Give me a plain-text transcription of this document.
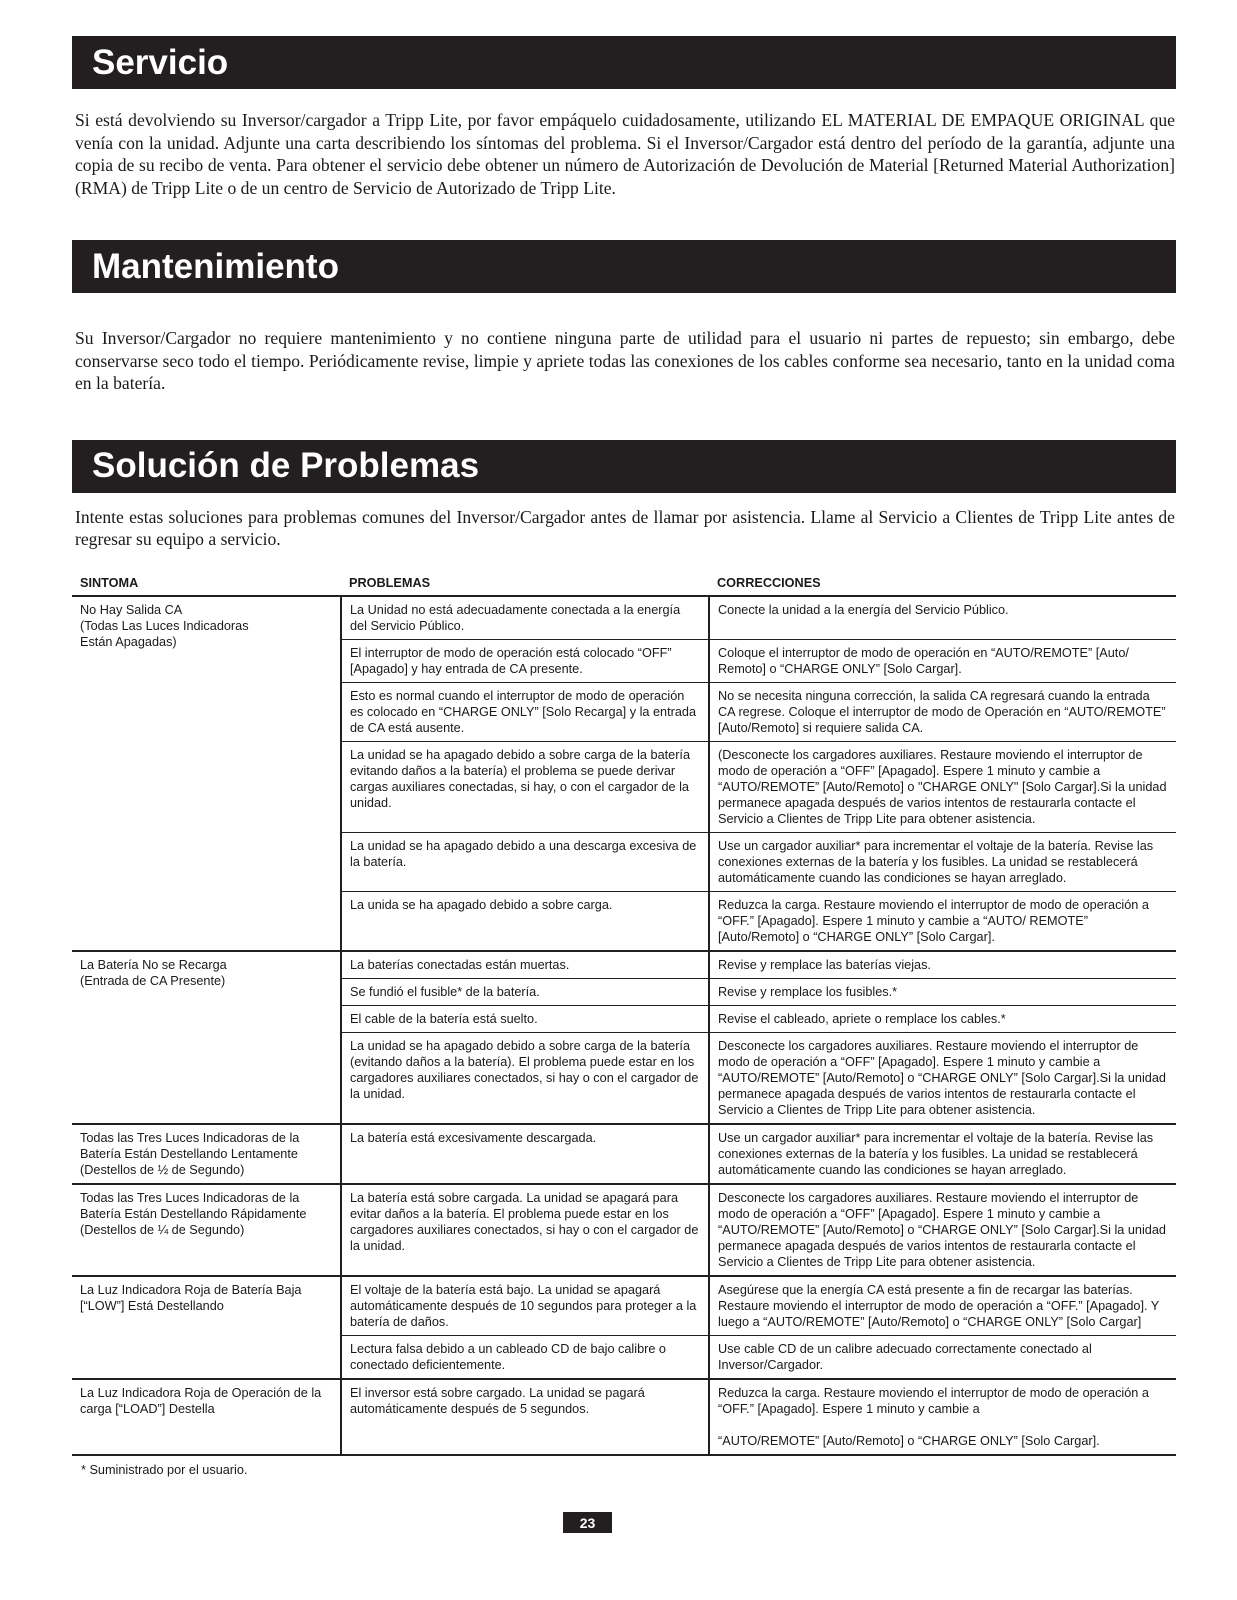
Servicio

Si está devolviendo su Inversor/cargador a Tripp Lite, por favor empáquelo cuidadosamente, utilizando EL MATERIAL DE EMPAQUE ORIGINAL que venía con la unidad. Adjunte una carta describiendo los síntomas del problema. Si el Inversor/Cargador está dentro del período de la garantía, adjunte una copia de su recibo de venta. Para obtener el servicio debe obtener un número de Autorización de Devolución de Material [Returned Material Authorization] (RMA) de Tripp Lite o de un centro de Servicio de Autorizado de Tripp Lite.

Mantenimiento

Su Inversor/Cargador no requiere mantenimiento y no contiene ninguna parte de utilidad para el usuario ni partes de repuesto; sin embargo, debe conservarse seco todo el tiempo. Periódicamente revise, limpie y apriete todas las conexiones de los cables conforme sea necesario, tanto en la unidad coma en la batería.

Solución de Problemas

Intente estas soluciones para problemas comunes del Inversor/Cargador antes de llamar por asistencia. Llame al Servicio a Clientes de Tripp Lite antes de regresar su equipo a servicio.

SINTOMA	PROBLEMAS	CORRECCIONES
No Hay Salida CA
(Todas Las Luces Indicadoras
Están Apagadas)	La Unidad no está adecuadamente conectada a la energía del Servicio Público.	Conecte la unidad a la energía del Servicio Público.
	El interruptor de modo de operación está colocado “OFF” [Apagado] y hay entrada de CA presente.	Coloque el interruptor de modo de operación en “AUTO/REMOTE” [Auto/ Remoto] o “CHARGE ONLY” [Solo Cargar].
	Esto es normal cuando el interruptor de modo de operación es colocado en “CHARGE ONLY” [Solo Recarga] y la entrada de CA está ausente.	No se necesita ninguna corrección, la salida CA regresará cuando la entrada CA regrese. Coloque el interruptor de modo de Operación en “AUTO/REMOTE” [Auto/Remoto] si requiere salida CA.
	La unidad se ha apagado debido a sobre carga de la batería evitando daños a la batería) el problema se puede derivar cargas auxiliares conectadas, si hay, o con el cargador de la unidad.	(Desconecte los cargadores auxiliares. Restaure moviendo el interruptor de modo de operación a “OFF” [Apagado]. Espere 1 minuto y cambie a “AUTO/REMOTE” [Auto/Remoto] o "CHARGE ONLY" [Solo Cargar].Si la unidad permanece apagada después de varios intentos de restaurarla contacte el Servicio a Clientes de Tripp Lite para obtener asistencia.
	La unidad se ha apagado debido a una descarga excesiva de la batería.	Use un cargador auxiliar* para incrementar el voltaje de la batería. Revise las conexiones externas de la batería y los fusibles. La unidad se restablecerá automáticamente cuando las condiciones se hayan arreglado.
	La unida se ha apagado debido a sobre carga.	Reduzca la carga. Restaure moviendo el interruptor de modo de operación a “OFF.” [Apagado]. Espere 1 minuto y cambie a “AUTO/ REMOTE” [Auto/Remoto] o “CHARGE ONLY” [Solo Cargar].
La Batería No se Recarga
(Entrada de CA Presente)	La baterías conectadas están muertas.	Revise y remplace las baterías viejas.
	Se fundió el fusible* de la batería.	Revise y remplace los fusibles.*
	El cable de la batería está suelto.	Revise el cableado, apriete o remplace los cables.*
	La unidad se ha apagado debido a sobre carga de la batería (evitando daños a la batería). El problema puede estar en los cargadores auxiliares conectados, si hay o con el cargador de la unidad.	Desconecte los cargadores auxiliares. Restaure moviendo el interruptor de modo de operación a “OFF” [Apagado]. Espere 1 minuto y cambie a “AUTO/REMOTE” [Auto/Remoto] o “CHARGE ONLY” [Solo Cargar].Si la unidad permanece apagada después de varios intentos de restaurarla contacte el Servicio a Clientes de Tripp Lite para obtener asistencia.
Todas las Tres Luces Indicadoras de la Batería Están Destellando Lentamente (Destellos de ½ de Segundo)	La batería está excesivamente descargada.	Use un cargador auxiliar* para incrementar el voltaje de la batería. Revise las conexiones externas de la batería y los fusibles. La unidad se restablecerá automáticamente cuando las condiciones se hayan arreglado.
Todas las Tres Luces Indicadoras de la Batería Están Destellando Rápidamente (Destellos de ¼ de Segundo)	La batería está sobre cargada. La unidad se apagará para evitar daños a la batería. El problema puede estar en los cargadores auxiliares conectados, si hay o con el cargador de la unidad.	Desconecte los cargadores auxiliares. Restaure moviendo el interruptor de modo de operación a “OFF” [Apagado]. Espere 1 minuto y cambie a “AUTO/REMOTE” [Auto/Remoto] o “CHARGE ONLY” [Solo Cargar].Si la unidad permanece apagada después de varios intentos de restaurarla contacte el Servicio a Clientes de Tripp Lite para obtener asistencia.
La Luz Indicadora Roja de Batería Baja [“LOW”] Está Destellando	El voltaje de la batería está bajo. La unidad se apagará automáticamente después de 10 segundos para proteger a la batería de daños.	Asegúrese que la energía CA está presente a fin de recargar las baterías. Restaure moviendo el interruptor de modo de operación a “OFF.” [Apagado]. Y luego a “AUTO/REMOTE” [Auto/Remoto] o “CHARGE ONLY” [Solo Cargar]
	Lectura falsa debido a un cableado CD de bajo calibre o conectado deficientemente.	Use cable CD de un calibre adecuado correctamente conectado al Inversor/Cargador.
La Luz Indicadora Roja de Operación de la carga [“LOAD”] Destella	El inversor está sobre cargado. La unidad se pagará automáticamente después de 5 segundos.	Reduzca la carga. Restaure moviendo el interruptor de modo de operación a “OFF.” [Apagado]. Espere 1 minuto y cambie a
“AUTO/REMOTE” [Auto/Remoto] o “CHARGE ONLY” [Solo Cargar].
* Suministrado por el usuario.
23
